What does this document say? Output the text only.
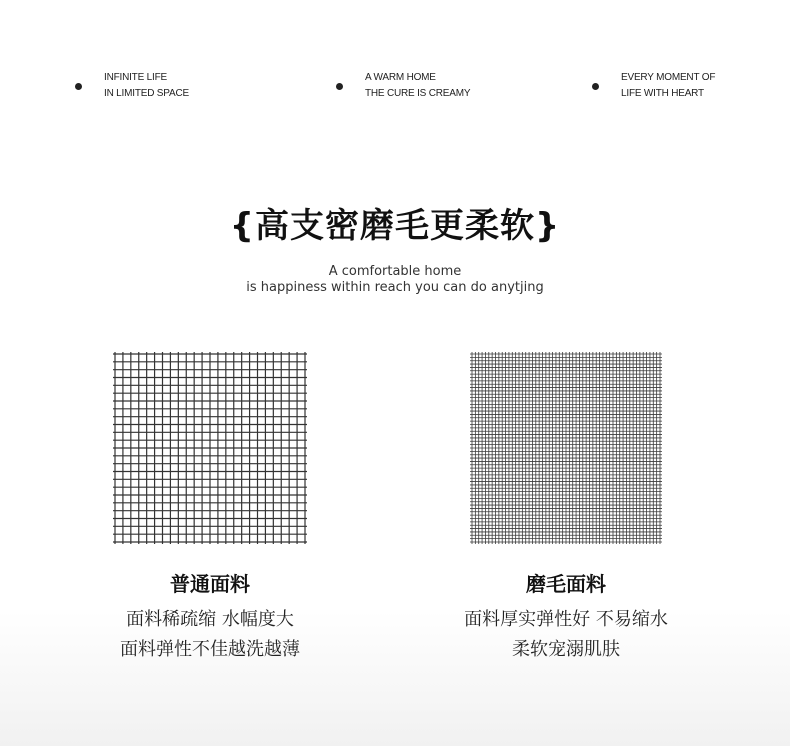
INFINITE LIFE
IN LIMITED SPACE
A WARM HOME
THE CURE IS CREAMY
EVERY MOMENT OF
LIFE WITH HEART
{高支密磨毛更柔软}
A comfortable home
is happiness within reach you can do anytjing
普通面料
面料稀疏缩 水幅度大
面料弹性不佳越洗越薄
磨毛面料
面料厚实弹性好 不易缩水
柔软宠溺肌肤
